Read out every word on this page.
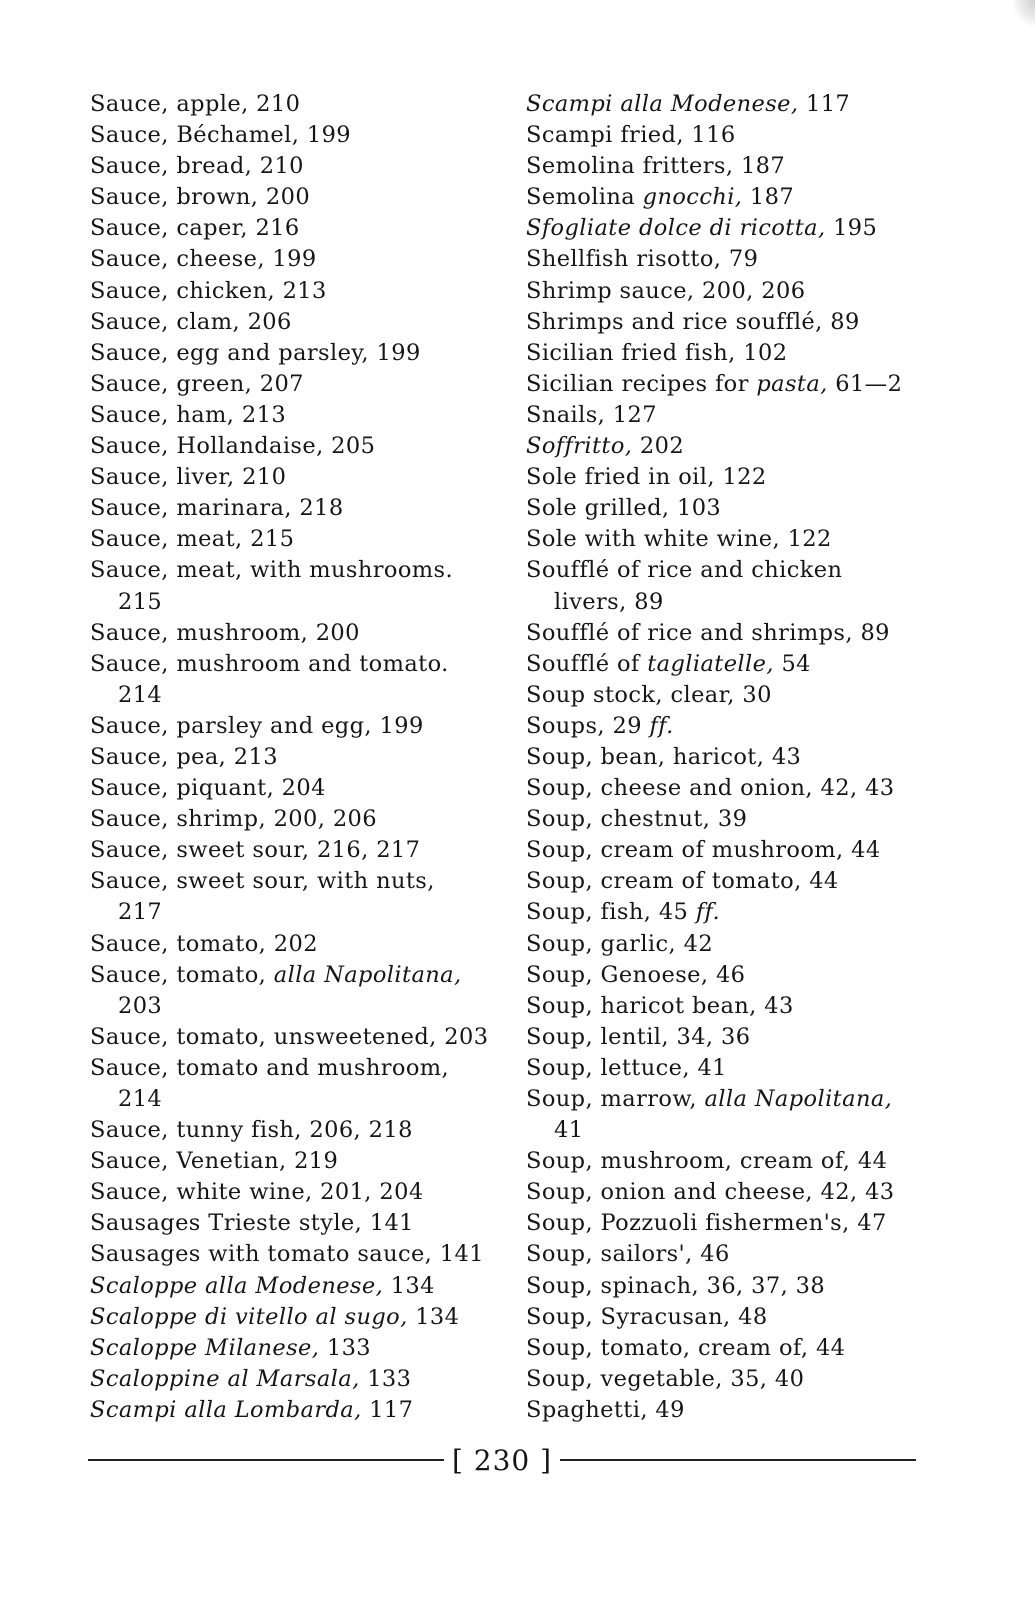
Sauce, apple, 210
Sauce, Béchamel, 199
Sauce, bread, 210
Sauce, brown, 200
Sauce, caper, 216
Sauce, cheese, 199
Sauce, chicken, 213
Sauce, clam, 206
Sauce, egg and parsley, 199
Sauce, green, 207
Sauce, ham, 213
Sauce, Hollandaise, 205
Sauce, liver, 210
Sauce, marinara, 218
Sauce, meat, 215
Sauce, meat, with mushrooms.
215
Sauce, mushroom, 200
Sauce, mushroom and tomato.
214
Sauce, parsley and egg, 199
Sauce, pea, 213
Sauce, piquant, 204
Sauce, shrimp, 200, 206
Sauce, sweet sour, 216, 217
Sauce, sweet sour, with nuts,
217
Sauce, tomato, 202
Sauce, tomato, alla Napolitana,
203
Sauce, tomato, unsweetened, 203
Sauce, tomato and mushroom,
214
Sauce, tunny fish, 206, 218
Sauce, Venetian, 219
Sauce, white wine, 201, 204
Sausages Trieste style, 141
Sausages with tomato sauce, 141
Scaloppe alla Modenese, 134
Scaloppe di vitello al sugo, 134
Scaloppe Milanese, 133
Scaloppine al Marsala, 133
Scampi alla Lombarda, 117
Scampi alla Modenese, 117
Scampi fried, 116
Semolina fritters, 187
Semolina gnocchi, 187
Sfogliate dolce di ricotta, 195
Shellfish risotto, 79
Shrimp sauce, 200, 206
Shrimps and rice soufflé, 89
Sicilian fried fish, 102
Sicilian recipes for pasta, 61—2
Snails, 127
Soffritto, 202
Sole fried in oil, 122
Sole grilled, 103
Sole with white wine, 122
Soufflé of rice and chicken
livers, 89
Soufflé of rice and shrimps, 89
Soufflé of tagliatelle, 54
Soup stock, clear, 30
Soups, 29 ff.
Soup, bean, haricot, 43
Soup, cheese and onion, 42, 43
Soup, chestnut, 39
Soup, cream of mushroom, 44
Soup, cream of tomato, 44
Soup, fish, 45 ff.
Soup, garlic, 42
Soup, Genoese, 46
Soup, haricot bean, 43
Soup, lentil, 34, 36
Soup, lettuce, 41
Soup, marrow, alla Napolitana,
41
Soup, mushroom, cream of, 44
Soup, onion and cheese, 42, 43
Soup, Pozzuoli fishermen's, 47
Soup, sailors', 46
Soup, spinach, 36, 37, 38
Soup, Syracusan, 48
Soup, tomato, cream of, 44
Soup, vegetable, 35, 40
Spaghetti, 49
[ 230 ]
